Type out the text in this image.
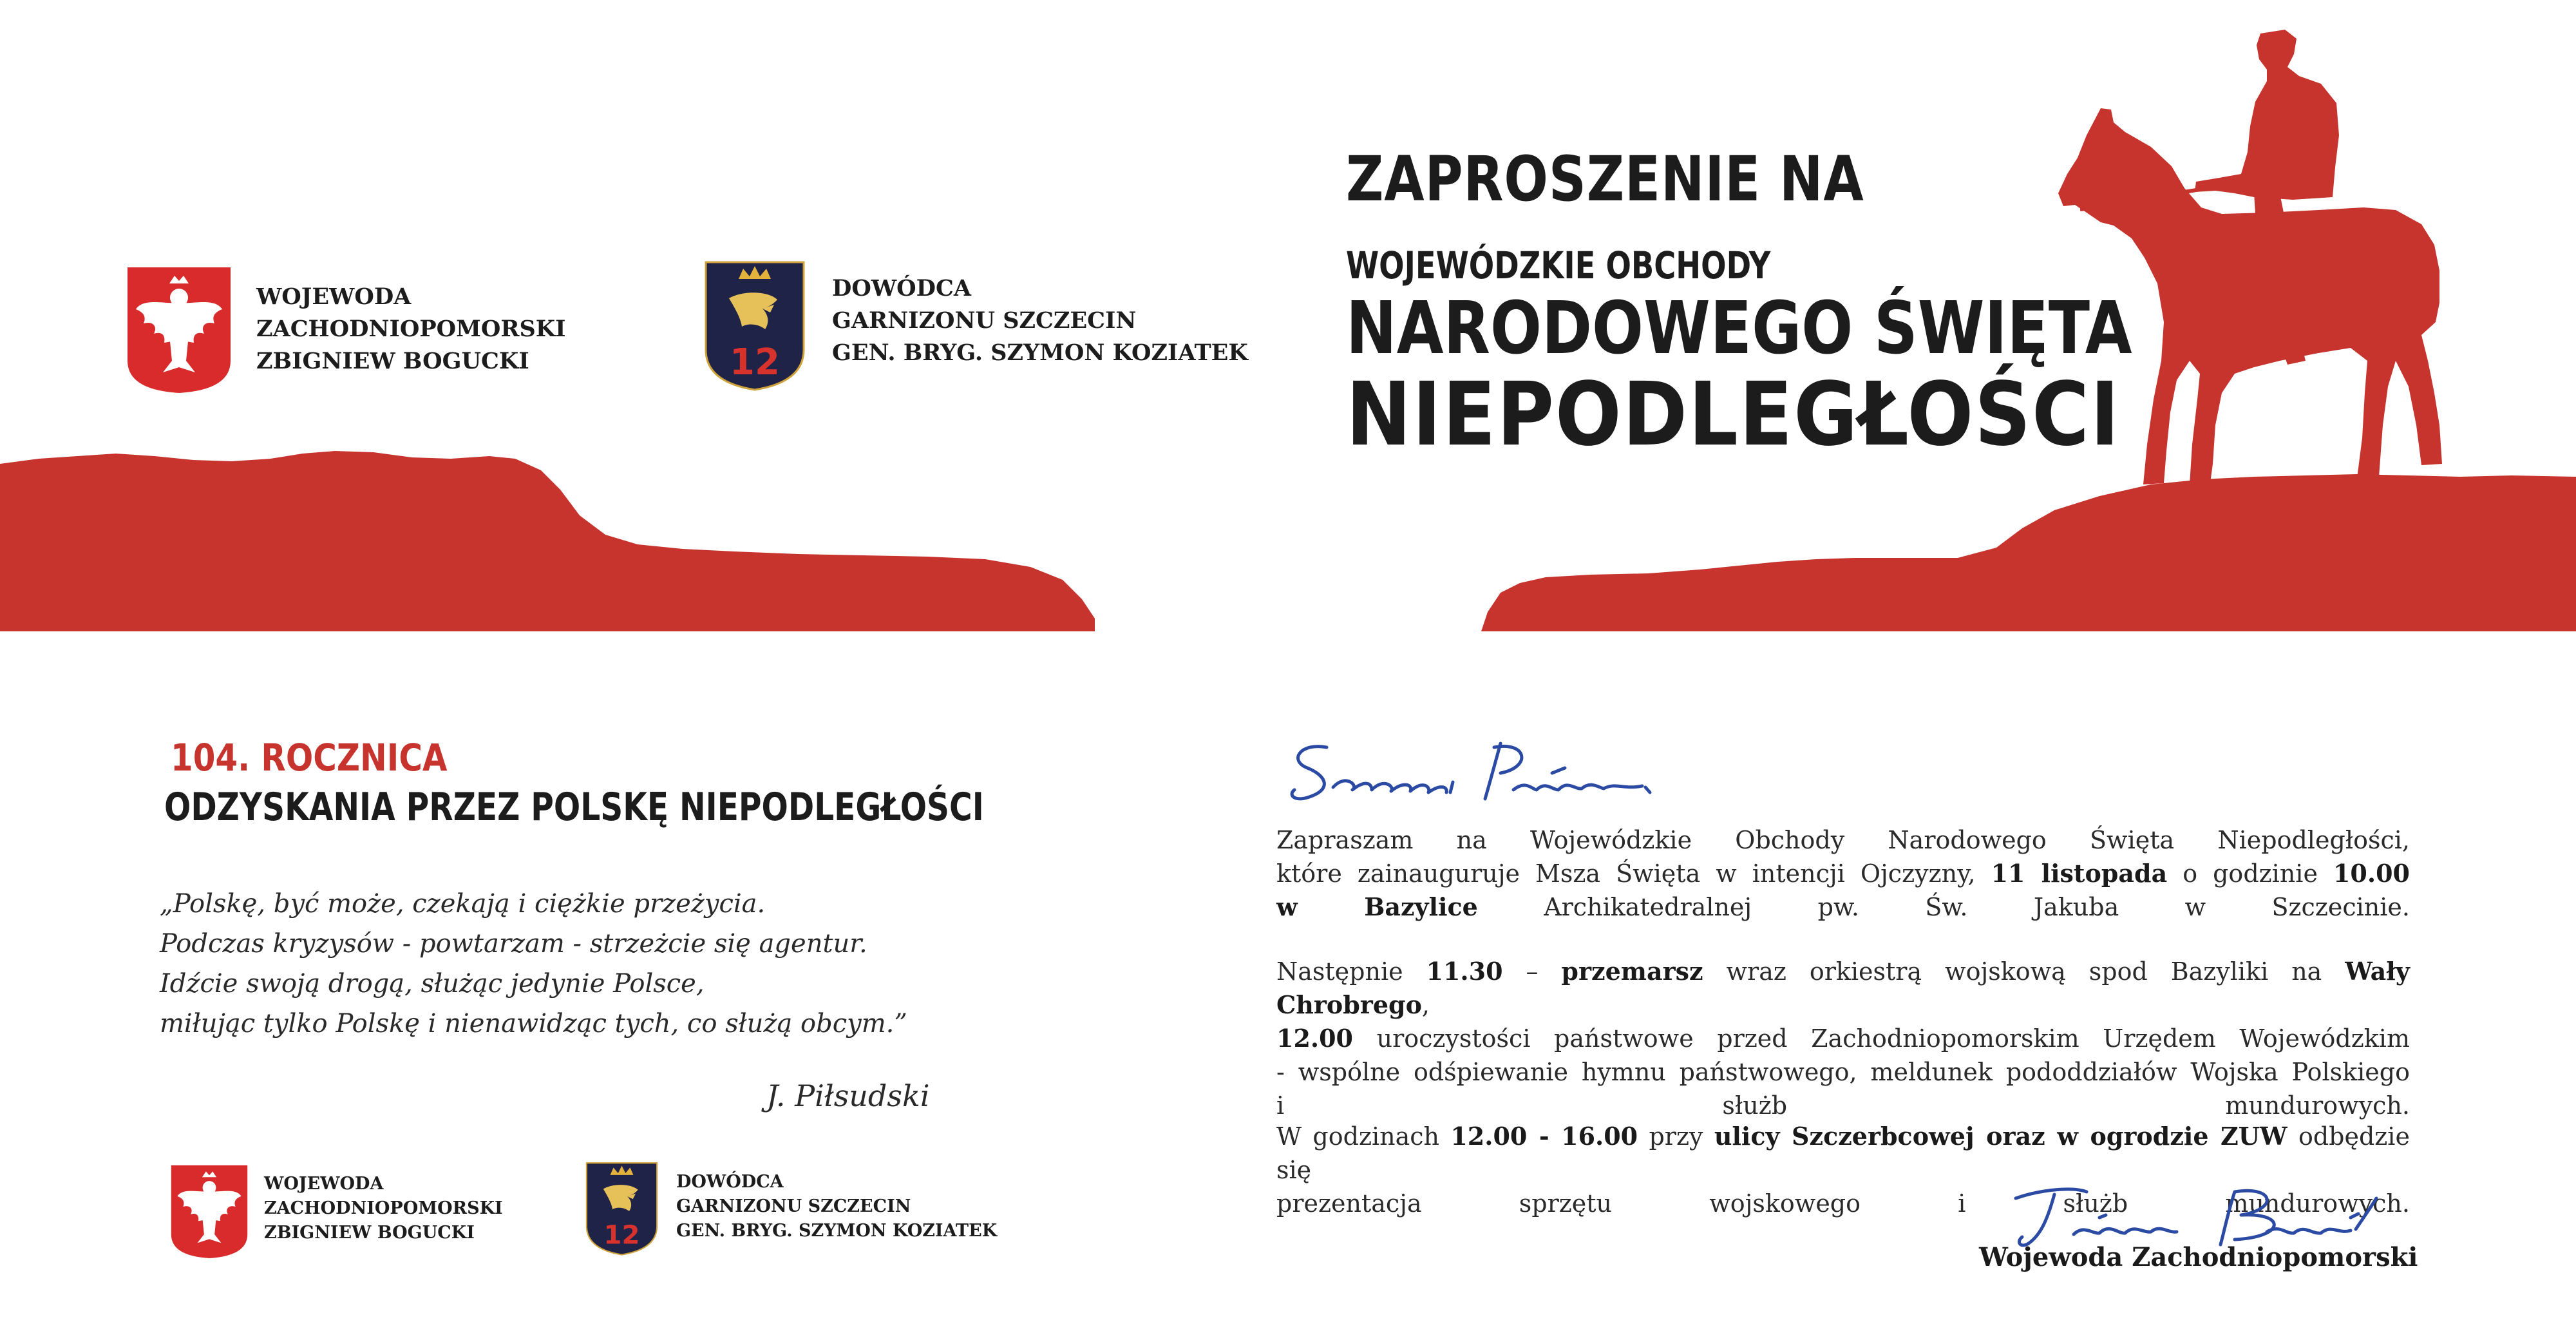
WOJEWODA
ZACHODNIOPOMORSKI
ZBIGNIEW BOGUCKI	12
DOWÓDCA
GARNIZONU SZCZECIN
GEN. BRYG. SZYMON KOZIATEK
ZAPROSZENIE NA
WOJEWÓDZKIE OBCHODY
NARODOWEGO ŚWIĘTA
NIEPODLEGŁOŚCI
104. ROCZNICA
ODZYSKANIA PRZEZ POLSKĘ NIEPODLEGŁOŚCI
„Polskę, być może, czekają i ciężkie przeżycia.
Podczas kryzysów - powtarzam - strzeżcie się agentur.
Idźcie swoją drogą, służąc jedynie Polsce,
miłując tylko Polskę i nienawidząc tych, co służą obcym.”
J. Piłsudski
WOJEWODA
ZACHODNIOPOMORSKI
ZBIGNIEW BOGUCKI	12
DOWÓDCA
GARNIZONU SZCZECIN
GEN. BRYG. SZYMON KOZIATEK
Zapraszam na Wojewódzkie Obchody Narodowego Święta Niepodległości,
które zainauguruje Msza Święta w intencji Ojczyzny, 11 listopada o godzinie 10.00
w Bazylice	Archikatedralnej pw. Św. Jakuba w Szczecinie.
Następnie 11.30 – przemarsz wraz orkiestrą wojskową spod Bazyliki na Wały Chrobrego,
12.00 uroczystości państwowe przed Zachodniopomorskim Urzędem Wojewódzkim
- wspólne odśpiewanie hymnu państwowego, meldunek pododdziałów Wojska Polskiego
i służb mundurowych.
W godzinach 12.00 - 16.00 przy ulicy Szczerbcowej oraz w ogrodzie ZUW odbędzie się
prezentacja sprzętu wojskowego i służb mundurowych.
Wojewoda Zachodniopomorski
